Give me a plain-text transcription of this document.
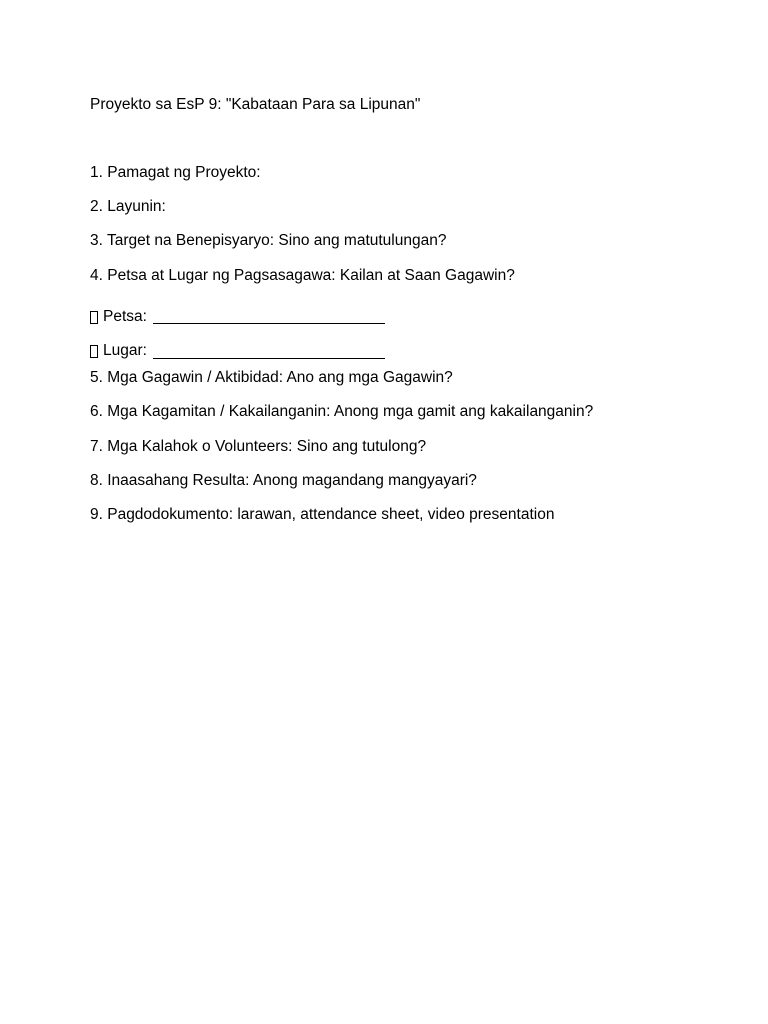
Proyekto sa EsP 9: "Kabataan Para sa Lipunan"
1. Pamagat ng Proyekto:
2. Layunin:
3. Target na Benepisyaryo: Sino ang matutulungan?
4. Petsa at Lugar ng Pagsasagawa: Kailan at Saan Gagawin?
Petsa:
Lugar:
5. Mga Gagawin / Aktibidad: Ano ang mga Gagawin?
6. Mga Kagamitan / Kakailanganin: Anong mga gamit ang kakailanganin?
7. Mga Kalahok o Volunteers: Sino ang tutulong?
8. Inaasahang Resulta: Anong magandang mangyayari?
9. Pagdodokumento: larawan, attendance sheet, video presentation
